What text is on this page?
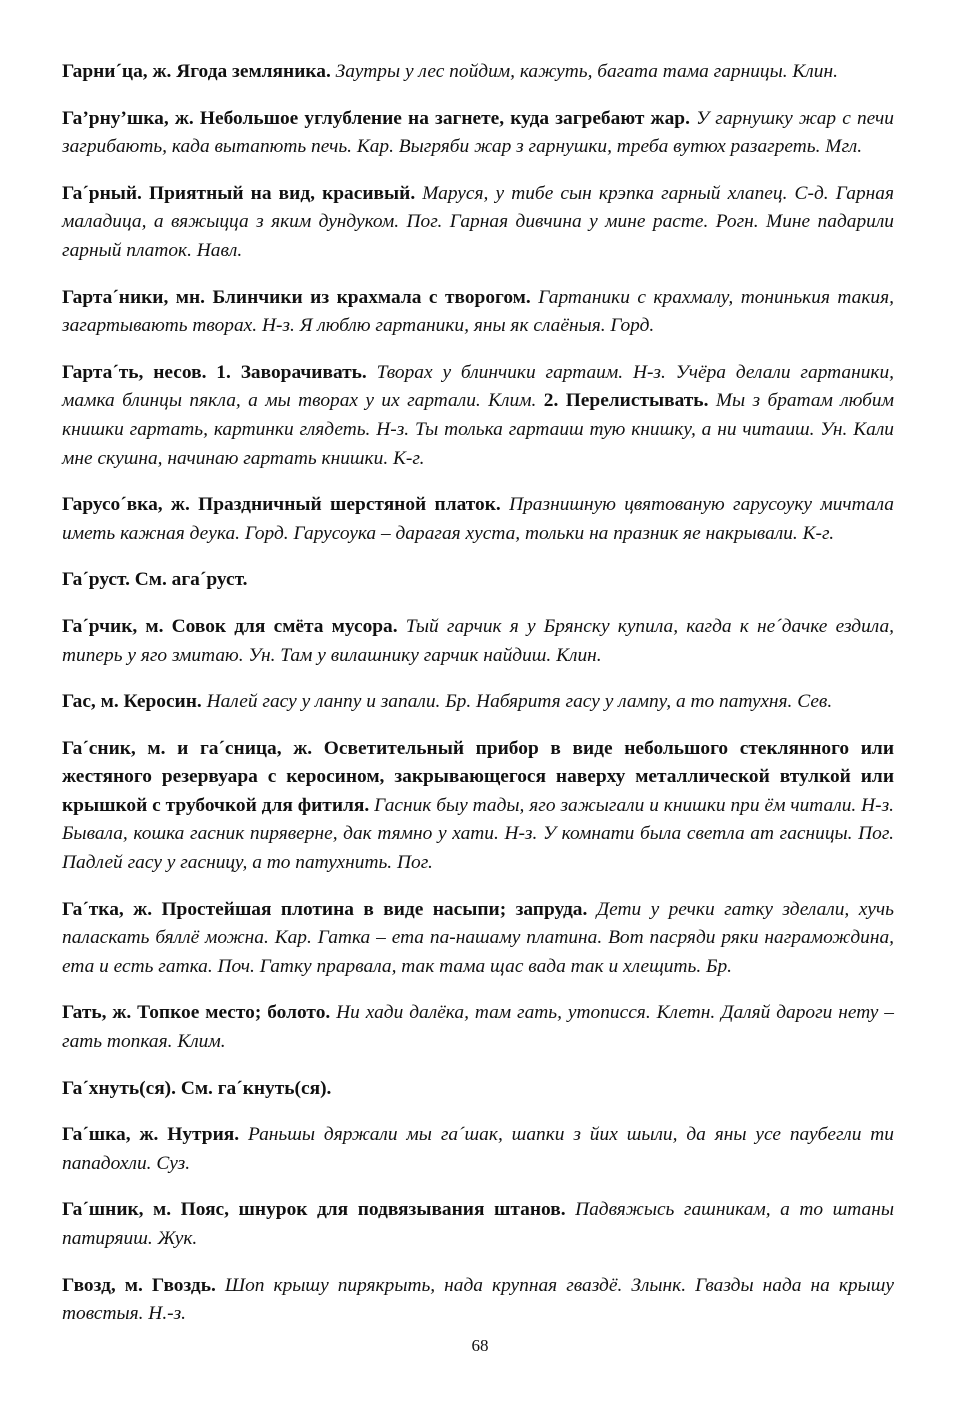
Гарни´ца, ж. Ягода земляника. Заутры у лес пойдим, кажуть, багата тама гарницы. Клин.

Га’рну’шка, ж. Небольшое углубление на загнете, куда загребают жар. У гарнушку жар с печи загрибають, када вытапють печь. Кар. Выгряби жар з гарнушки, треба вутюх разагреть. Мгл.

Га´рный. Приятный на вид, красивый. Маруся, у тибе сын крэпка гарный хлапец. С-д. Гарная маладица, а вяжыцца з яким дундуком. Пог. Гарная дивчина у мине расте. Рогн. Мине падарили гарный платок. Навл.

Гарта´ники, мн. Блинчики из крахмала с творогом. Гартаники с крахмалу, тонинькия такия, загартывають творах. Н-з. Я люблю гартаники, яны як слаёныя. Горд.

Гарта´ть, несов. 1. Заворачивать. Творах у блинчики гартаим. Н-з. Учёра делали гартаники, мамка блинцы пякла, а мы творах у их гартали. Клим. 2. Перелистывать. Мы з братам любим книшки гартать, картинки глядеть. Н-з. Ты толька гартаиш тую книшку, а ни читаиш. Ун. Кали мне скушна, начинаю гартать книшки. К-г.

Гарусо´вка, ж. Праздничный шерстяной платок. Празнишную цвятованую гарусоуку мичтала иметь кажная деука. Горд. Гарусоука – дарагая хуста, тольки на празник яе накрывали. К-г.

Га´руст. См. ага´руст.

Га´рчик, м. Совок для смёта мусора. Тый гарчик я у Брянску купила, кагда к не´дачке ездила, типерь у яго змитаю. Ун. Там у вилашнику гарчик найдиш. Клин.

Гас, м. Керосин. Налей гасу у ланпу и запали. Бр. Набяритя гасу у лампу, а то патухня. Сев.

Га´сник, м. и га´сница, ж. Осветительный прибор в виде небольшого стеклянного или жестяного резервуара с керосином, закрывающегося наверху металлической втулкой или крышкой с трубочкой для фитиля. Гасник быу тады, яго зажыгали и книшки при ём читали. Н-з. Бывала, кошка гасник пирявернe, дак тямно у хати. Н-з. У комнати была светла ат гасницы. Пог. Падлей гасу у гасницу, а то патухнить. Пог.

Га´тка, ж. Простейшая плотина в виде насыпи; запруда. Дети у речки гатку зделали, хучь паласкать бяллё можна. Кар. Гатка – ета па-нашаму платина. Вот пасряди ряки награмождина, ета и есть гатка. Поч. Гатку прарвала, так тама щас вада так и хлещить. Бр.

Гать, ж. Топкое место; болото. Ни хади далёка, там гать, утописся. Клетн. Даляй дароги нету – гать топкая. Клим.

Га´хнуть(ся). См. га´кнуть(ся).

Га´шка, ж. Нутрия. Раньшы дяржали мы га´шак, шапки з йих шыли, да яны усе паубегли ти пападохли. Суз.

Га´шник, м. Пояс, шнурок для подвязывания штанов. Падвяжысь гашникам, а то штаны патиряиш. Жук.

Гвозд, м. Гвоздь. Шоп крышу пирякрыть, нада крупная гваздё. Злынк. Гвазды нада на крышу товстыя. Н.-з.

68
